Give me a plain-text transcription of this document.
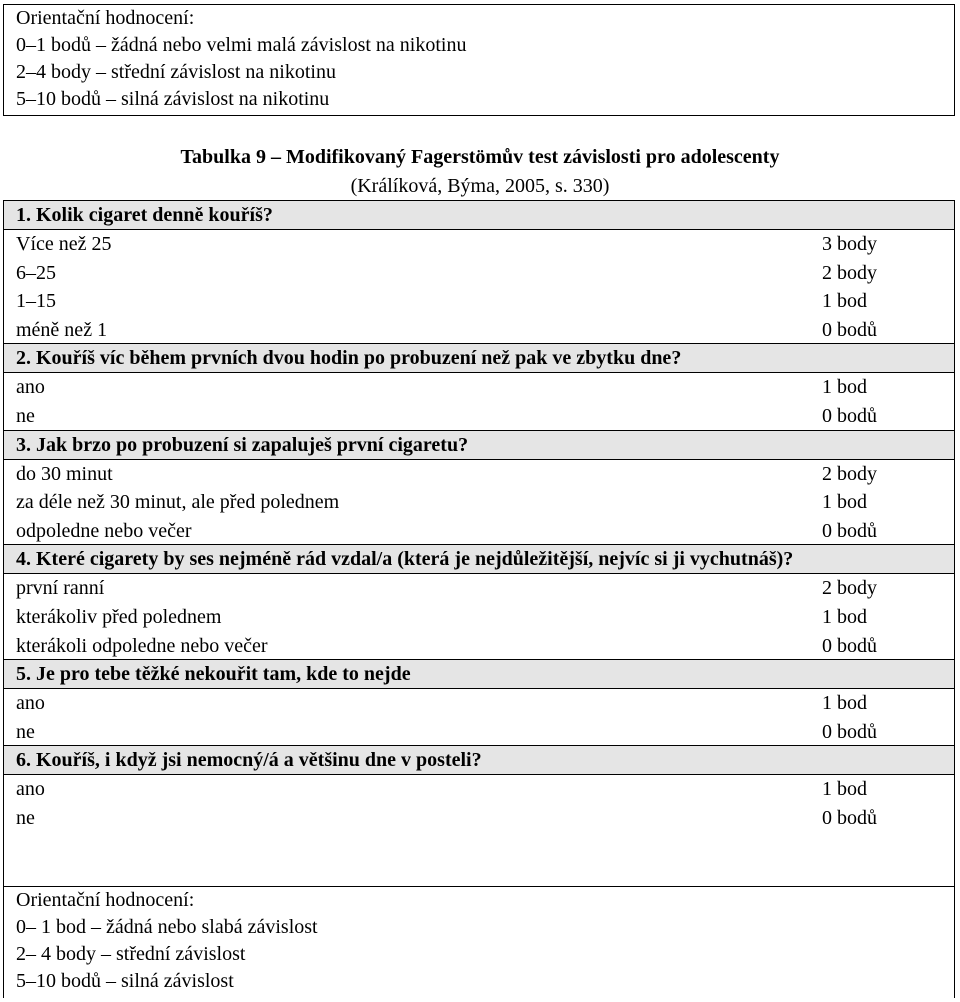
Orientační hodnocení:
0–1 bodů – žádná nebo velmi malá závislost na nikotinu
2–4 body – střední závislost na nikotinu
5–10 bodů – silná závislost na nikotinu
Tabulka 9 – Modifikovaný Fagerstömův test závislosti pro adolescenty
(Králíková, Býma, 2005, s. 330)
1. Kolik cigaret denně kouříš?
Více než 25	3 body
6–25	2 body
1–15	1 bod
méně než 1	0 bodů
2. Kouříš víc během prvních dvou hodin po probuzení než pak ve zbytku dne?
ano	1 bod
ne	0 bodů
3. Jak brzo po probuzení si zapaluješ první cigaretu?
do 30 minut	2 body
za déle než 30 minut, ale před polednem	1 bod
odpoledne nebo večer	0 bodů
4. Které cigarety by ses nejméně rád vzdal/a (která je nejdůležitější, nejvíc si ji vychutnáš)?
první ranní	2 body
kterákoliv před polednem	1 bod
kterákoli odpoledne nebo večer	0 bodů
5. Je pro tebe těžké nekouřit tam, kde to nejde
ano	1 bod
ne	0 bodů
6. Kouříš, i když jsi nemocný/á a většinu dne v posteli?
ano	1 bod
ne	0 bodů
Orientační hodnocení:
0– 1 bod – žádná nebo slabá závislost
2– 4 body – střední závislost
5–10 bodů – silná závislost
